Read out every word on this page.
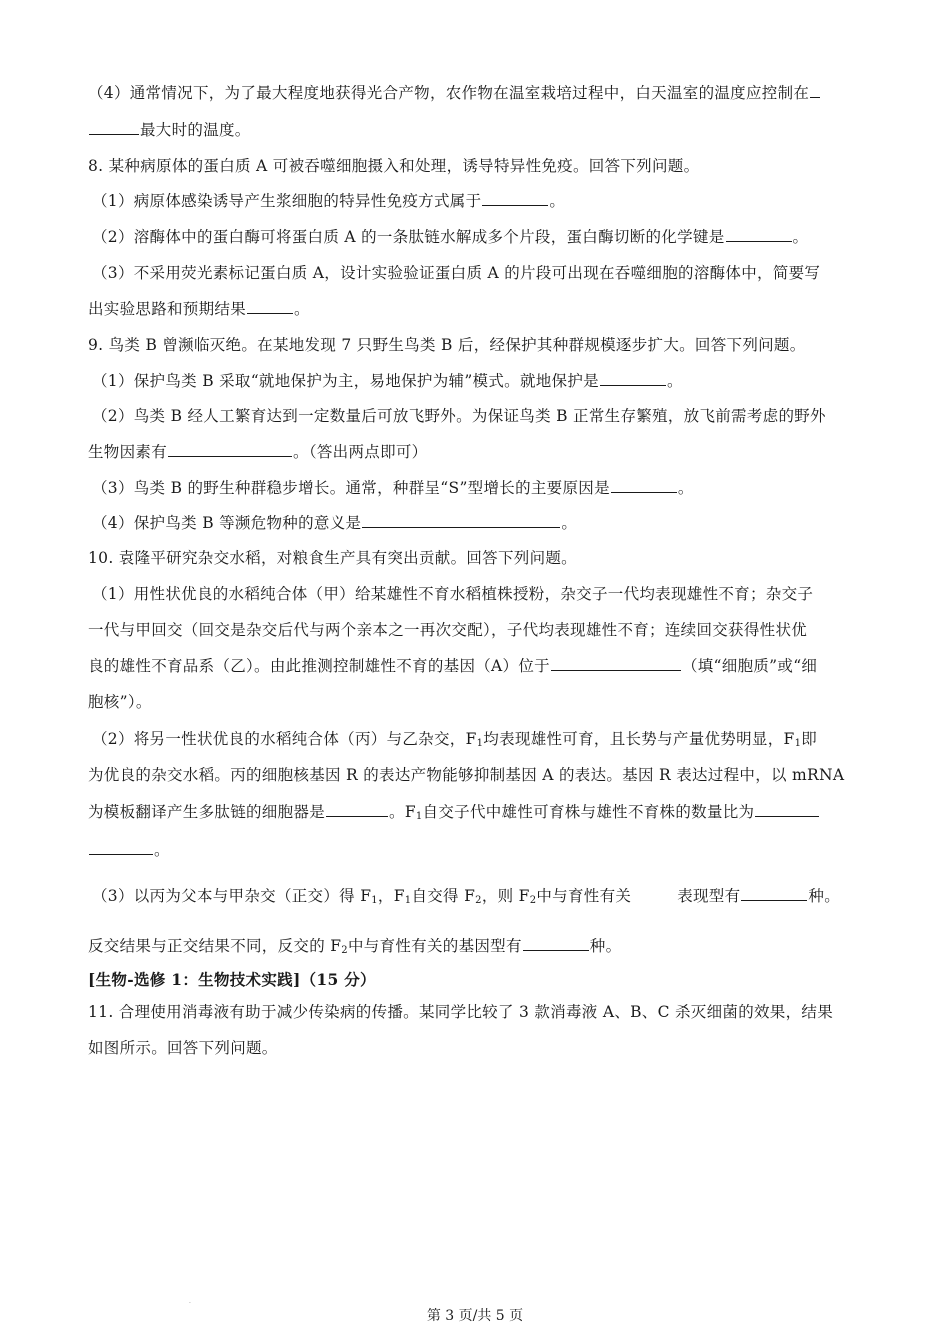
（4）通常情况下，为了最大程度地获得光合产物，农作物在温室栽培过程中，白天温室的温度应控制在
最大时的温度。
8. 某种病原体的蛋白质 A 可被吞噬细胞摄入和处理，诱导特异性免疫。回答下列问题。
（1）病原体感染诱导产生浆细胞的特异性免疫方式属于	。
（2）溶酶体中的蛋白酶可将蛋白质 A 的一条肽链水解成多个片段，蛋白酶切断的化学键是	。
（3）不采用荧光素标记蛋白质 A，设计实验验证蛋白质 A 的片段可出现在吞噬细胞的溶酶体中，简要写
出实验思路和预期结果	。
9. 鸟类 B 曾濒临灭绝。在某地发现 7 只野生鸟类 B 后，经保护其种群规模逐步扩大。回答下列问题。
（1）保护鸟类 B 采取“就地保护为主，易地保护为辅”模式。就地保护是	。
（2）鸟类 B 经人工繁育达到一定数量后可放飞野外。为保证鸟类 B 正常生存繁殖，放飞前需考虑的野外
生物因素有	。（答出两点即可）
（3）鸟类 B 的野生种群稳步增长。通常，种群呈“S”型增长的主要原因是	。
（4）保护鸟类 B 等濒危物种的意义是	。
10. 袁隆平研究杂交水稻，对粮食生产具有突出贡献。回答下列问题。
（1）用性状优良的水稻纯合体（甲）给某雄性不育水稻植株授粉，杂交子一代均表现雄性不育；杂交子
一代与甲回交（回交是杂交后代与两个亲本之一再次交配），子代均表现雄性不育；连续回交获得性状优
良的雄性不育品系（乙）。由此推测控制雄性不育的基因（A）位于	（填“细胞质”或“细
胞核”）。
（2）将另一性状优良的水稻纯合体（丙）与乙杂交，$F_1$均表现雄性可育，且长势与产量优势明显，$F_1$即
为优良的杂交水稻。丙的细胞核基因 R 的表达产物能够抑制基因 A 的表达。基因 R 表达过程中，以 mRNA
为模板翻译产生多肽链的细胞器是	。$F_1$自交子代中雄性可育株与雄性不育株的数量比为
。
（3）以丙为父本与甲杂交（正交）得 $F_1$，$F_1$自交得 $F_2$，则 $F_2$中与育性有关	表现型有	种。
反交结果与正交结果不同，反交的 $F_2$中与育性有关的基因型有	种。
[生物-选修 1：生物技术实践]（15 分）
11. 合理使用消毒液有助于减少传染病的传播。某同学比较了 3 款消毒液 A、B、C 杀灭细菌的效果，结果
如图所示。回答下列问题。
·
第 3 页/共 5 页
